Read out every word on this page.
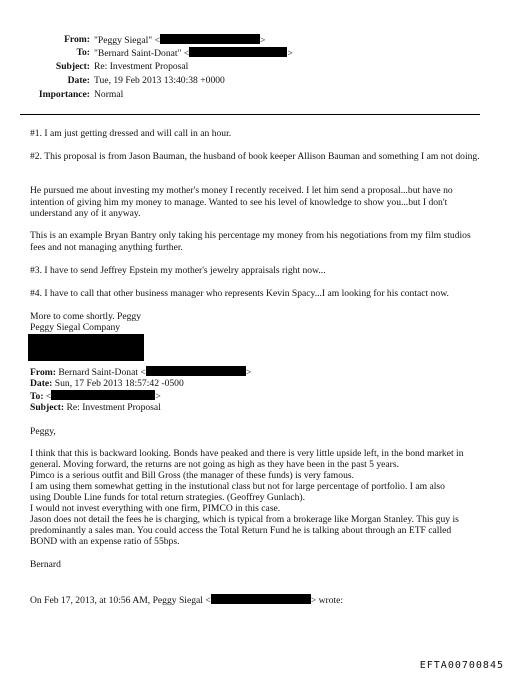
From: "Peggy Siegal" <	>
To: "Bernard Saint-Donat" <	>
Subject: Re: Investment Proposal
Date: Tue, 19 Feb 2013 13:40:38 +0000
Importance: Normal

#1. I am just getting dressed and will call in an hour.

#2. This proposal is from Jason Bauman, the husband of book keeper Allison Bauman and something I am not doing.

He pursued me about investing my mother's money I recently received. I let him send a proposal...but have no intention of giving him my money to manage. Wanted to see his level of knowledge to show you...but I don't understand any of it anyway.

This is an example Bryan Bantry only taking his percentage my money from his negotiations from my film studios fees and not managing anything further.

#3. I have to send Jeffrey Epstein my mother's jewelry appraisals right now...

#4. I have to call that other business manager who represents Kevin Spacy...I am looking for his contact now.

More to come shortly. Peggy
Peggy Siegal Company
From: Bernard Saint-Donat <	>
Date: Sun, 17 Feb 2013 18:57:42 -0500
To: <	>
Subject: Re: Investment Proposal
Peggy,
I think that this is backward looking. Bonds have peaked and there is very little upside left, in the bond market in
general. Moving forward, the returns are not going as high as they have been in the past 5 years.
Pimco is a serious outfit and Bill Gross (the manager of these funds) is very famous.
I am using them somewhat getting in the instutional class but not for large percentage of portfolio. I am also
using Double Line funds for total return strategies. (Geoffrey Gunlach).
I would not invest everything with one firm, PIMCO in this case.
Jason does not detail the fees he is charging, which is typical from a brokerage like Morgan Stanley. This guy is
predominantly a sales man. You could access the Total Return Fund he is talking about through an ETF called
BOND with an expense ratio of 55bps.
Bernard
On Feb 17, 2013, at 10:56 AM, Peggy Siegal <	> wrote:
EFTA00700845
